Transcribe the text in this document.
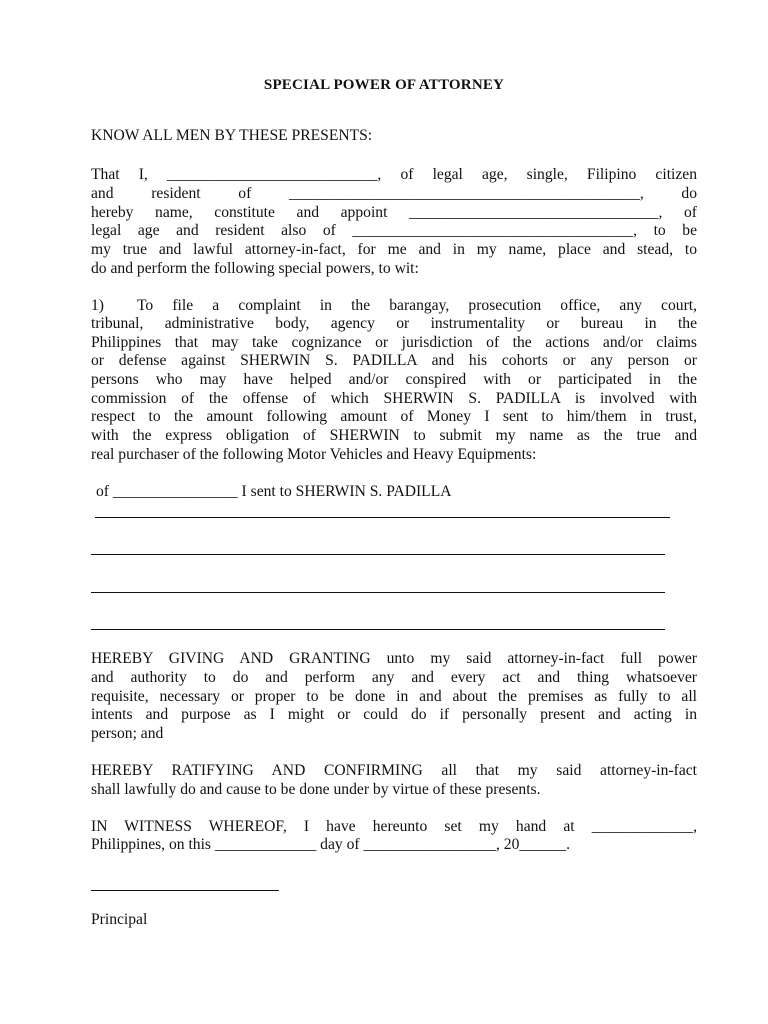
SPECIAL POWER OF ATTORNEY
KNOW ALL MEN BY THESE PRESENTS:
That I, ___________________________, of legal age, single, Filipino citizen
and resident of _____________________________________________, do
hereby name, constitute and appoint ________________________________, of
legal age and resident also of ____________________________________, to be
my true and lawful attorney-in-fact, for me and in my name, place and stead, to
do and perform the following special powers, to wit:
1) To file a complaint in the barangay, prosecution office, any court,
tribunal, administrative body, agency or instrumentality or bureau in the
Philippines that may take cognizance or jurisdiction of the actions and/or claims
or defense against SHERWIN S. PADILLA and his cohorts or any person or
persons who may have helped and/or conspired with or participated in the
commission of the offense of which SHERWIN S. PADILLA is involved with
respect to the amount following amount of Money I sent to him/them in trust,
with the express obligation of SHERWIN to submit my name as the true and
real purchaser of the following Motor Vehicles and Heavy Equipments:
of ________________ I sent to SHERWIN S. PADILLA
HEREBY GIVING AND GRANTING unto my said attorney-in-fact full power
and authority to do and perform any and every act and thing whatsoever
requisite, necessary or proper to be done in and about the premises as fully to all
intents and purpose as I might or could do if personally present and acting in
person; and
HEREBY RATIFYING AND CONFIRMING all that my said attorney-in-fact
shall lawfully do and cause to be done under by virtue of these presents.
IN WITNESS WHEREOF, I have hereunto set my hand at _____________,
Philippines, on this _____________ day of _________________, 20______.
Principal
